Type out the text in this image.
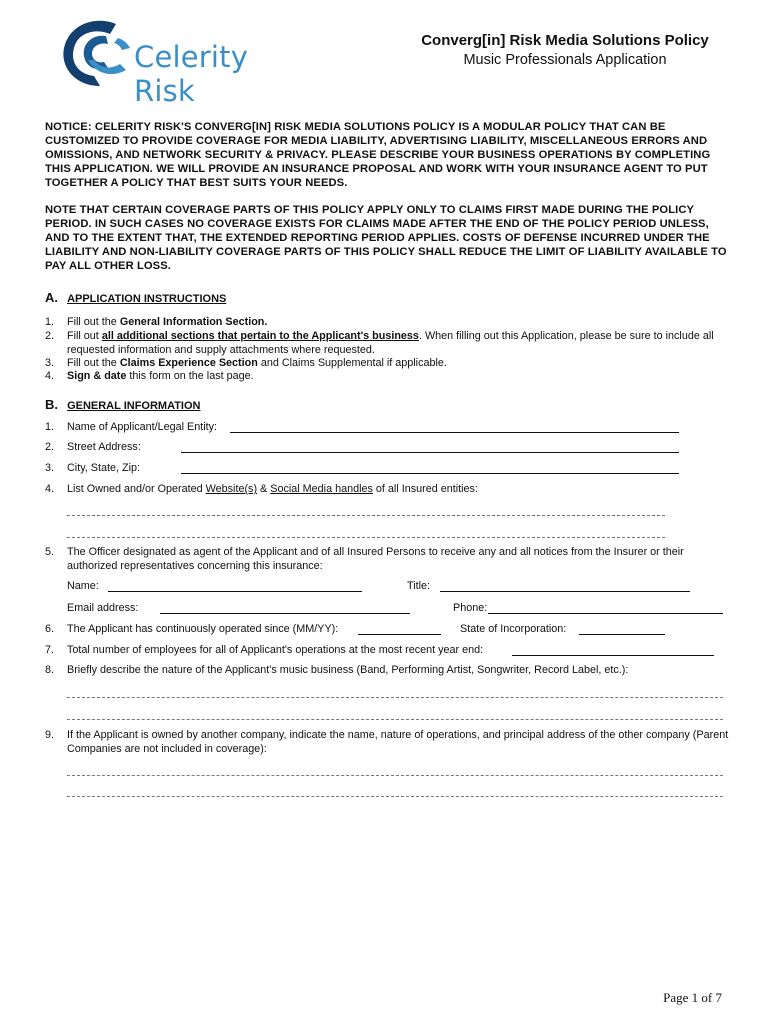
Celerity Risk
Converg[in] Risk Media Solutions Policy
Music Professionals Application

NOTICE: CELERITY RISK'S CONVERG[IN] RISK MEDIA SOLUTIONS POLICY IS A MODULAR POLICY THAT CAN BE CUSTOMIZED TO PROVIDE COVERAGE FOR MEDIA LIABILITY, ADVERTISING LIABILITY, MISCELLANEOUS ERRORS AND OMISSIONS, AND NETWORK SECURITY & PRIVACY. PLEASE DESCRIBE YOUR BUSINESS OPERATIONS BY COMPLETING THIS APPLICATION. WE WILL PROVIDE AN INSURANCE PROPOSAL AND WORK WITH YOUR INSURANCE AGENT TO PUT TOGETHER A POLICY THAT BEST SUITS YOUR NEEDS.

NOTE THAT CERTAIN COVERAGE PARTS OF THIS POLICY APPLY ONLY TO CLAIMS FIRST MADE DURING THE POLICY PERIOD. IN SUCH CASES NO COVERAGE EXISTS FOR CLAIMS MADE AFTER THE END OF THE POLICY PERIOD UNLESS, AND TO THE EXTENT THAT, THE EXTENDED REPORTING PERIOD APPLIES. COSTS OF DEFENSE INCURRED UNDER THE LIABILITY AND NON-LIABILITY COVERAGE PARTS OF THIS POLICY SHALL REDUCE THE LIMIT OF LIABILITY AVAILABLE TO PAY ALL OTHER LOSS.

A. APPLICATION INSTRUCTIONS
1. Fill out the General Information Section.
2. Fill out all additional sections that pertain to the Applicant's business. When filling out this Application, please be sure to include all requested information and supply attachments where requested.
3. Fill out the Claims Experience Section and Claims Supplemental if applicable.
4. Sign & date this form on the last page.
B. GENERAL INFORMATION
1. Name of Applicant/Legal Entity:
2. Street Address:
3. City, State, Zip:
4. List Owned and/or Operated Website(s) & Social Media handles of all Insured entities:
5. The Officer designated as agent of the Applicant and of all Insured Persons to receive any and all notices from the Insurer or their authorized representatives concerning this insurance:
Name:	Title:
Email address:	Phone:
6. The Applicant has continuously operated since (MM/YY):	State of Incorporation:
7. Total number of employees for all of Applicant's operations at the most recent year end:
8. Briefly describe the nature of the Applicant's music business (Band, Performing Artist, Songwriter, Record Label, etc.):
9. If the Applicant is owned by another company, indicate the name, nature of operations, and principal address of the other company (Parent Companies are not included in coverage):
Page 1 of 7
